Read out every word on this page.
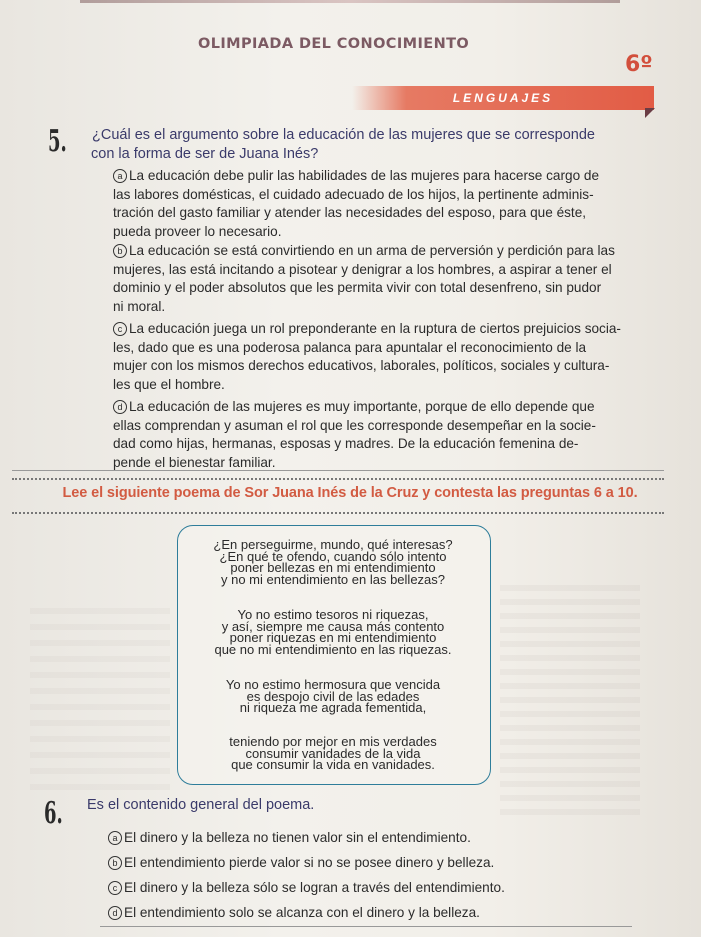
OLIMPIADA DEL CONOCIMIENTO
6º
LENGUAJES
5. ¿Cuál es el argumento sobre la educación de las mujeres que se corresponde
con la forma de ser de Juana Inés?
a La educación debe pulir las habilidades de las mujeres para hacerse cargo de
las labores domésticas, el cuidado adecuado de los hijos, la pertinente adminis-
tración del gasto familiar y atender las necesidades del esposo, para que éste,
pueda proveer lo necesario.
b La educación se está convirtiendo en un arma de perversión y perdición para las
mujeres, las está incitando a pisotear y denigrar a los hombres, a aspirar a tener el
dominio y el poder absolutos que les permita vivir con total desenfreno, sin pudor
ni moral.
c La educación juega un rol preponderante en la ruptura de ciertos prejuicios socia-
les, dado que es una poderosa palanca para apuntalar el reconocimiento de la
mujer con los mismos derechos educativos, laborales, políticos, sociales y cultura-
les que el hombre.
d La educación de las mujeres es muy importante, porque de ello depende que
ellas comprendan y asuman el rol que les corresponde desempeñar en la socie-
dad como hijas, hermanas, esposas y madres. De la educación femenina de-
pende el bienestar familiar.
Lee el siguiente poema de Sor Juana Inés de la Cruz y contesta las preguntas 6 a 10.
¿En perseguirme, mundo, qué interesas?
¿En qué te ofendo, cuando sólo intento
poner bellezas en mi entendimiento
y no mi entendimiento en las bellezas?
Yo no estimo tesoros ni riquezas,
y así, siempre me causa más contento
poner riquezas en mi entendimiento
que no mi entendimiento en las riquezas.
Yo no estimo hermosura que vencida
es despojo civil de las edades
ni riqueza me agrada fementida,
teniendo por mejor en mis verdades
consumir vanidades de la vida
que consumir la vida en vanidades.
6. Es el contenido general del poema.
a El dinero y la belleza no tienen valor sin el entendimiento.
b El entendimiento pierde valor si no se posee dinero y belleza.
c El dinero y la belleza sólo se logran a través del entendimiento.
d El entendimiento solo se alcanza con el dinero y la belleza.
